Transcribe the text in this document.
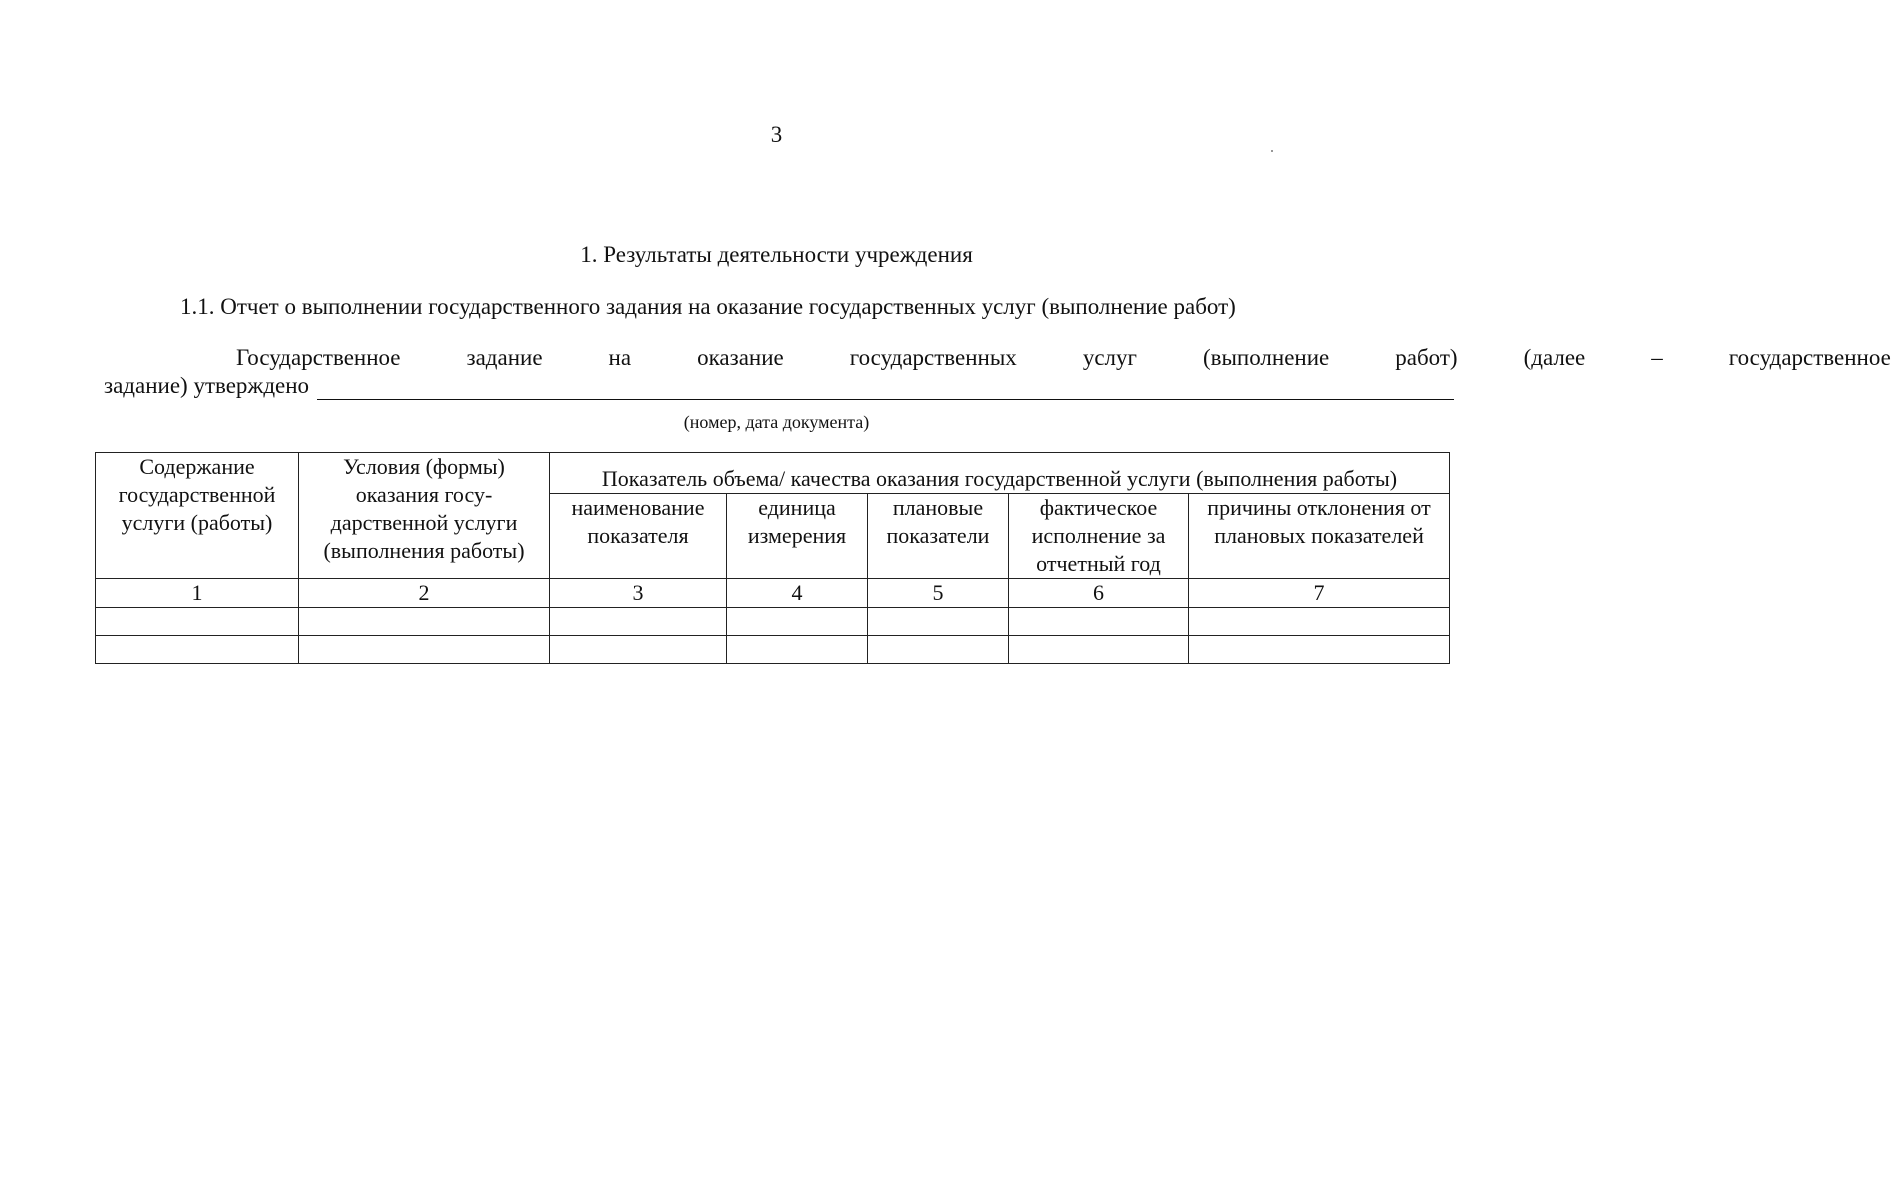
3
1. Результаты деятельности учреждения
1.1. Отчет о выполнении государственного задания на оказание государственных услуг (выполнение работ)
Государственное	задание	на	оказание	государственных	услуг	(выполнение	работ)	(далее	–	государственное
задание) утверждено
(номер, дата документа)
Содержание государственной услуги (работы)	Условия (формы) оказания госу- дарственной услуги (выполнения работы)	Показатель объема/ качества оказания государственной услуги (выполнения работы)				
		наименование показателя	единица измерения	плановые показатели	фактическое исполнение за отчетный год	причины отклонения от плановых показателей
1	2	3	4	5	6	7
